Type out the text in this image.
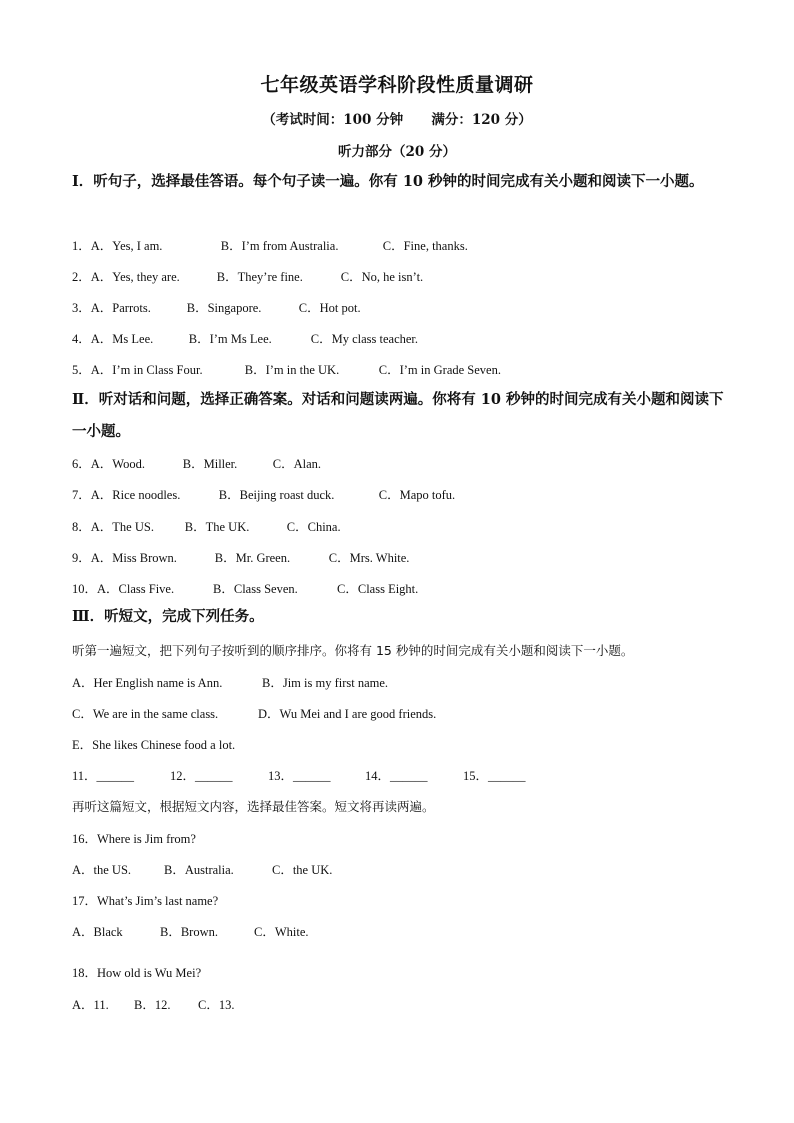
七年级英语学科阶段性质量调研
（考试时间：100 分钟      满分：120 分）
听力部分（20 分）
Ⅰ．听句子，选择最佳答语。每个句子读一遍。你有 10 秒钟的时间完成有关小题和阅读下一小题。
1．A．Yes, I am.	B．I’m from Australia.	C．Fine, thanks.
2．A．Yes, they are.	B．They’re fine.	C．No, he isn’t.
3．A．Parrots.	B．Singapore.	C．Hot pot.
4．A．Ms Lee.	B．I’m Ms Lee.	C．My class teacher.
5．A．I’m in Class Four.	B．I’m in the UK.	C．I’m in Grade Seven.
Ⅱ．听对话和问题，选择正确答案。对话和问题读两遍。你将有 10 秒钟的时间完成有关小题和阅读下一小题。
6．A．Wood.	B．Miller.	C．Alan.
7．A．Rice noodles.	B．Beijing roast duck.	C．Mapo tofu.
8．A．The US. B．The UK.	C．China.
9．A．Miss Brown.	B．Mr. Green.	C．Mrs. White.
10．A．Class Five.	B．Class Seven.	C．Class Eight.
Ⅲ．听短文，完成下列任务。
听第一遍短文，把下列句子按听到的顺序排序。你将有 15 秒钟的时间完成有关小题和阅读下一小题。
A．Her English name is Ann.	B．Jim is my first name.
C．We are in the same class.	D．Wu Mei and I are good friends.
E．She likes Chinese food a lot.
11．______	12．______	13．______	14．______	15．______
再听这篇短文，根据短文内容，选择最佳答案。短文将再读两遍。
16．Where is Jim from?
A．the US.	B．Australia.	C．the UK.
17．What’s Jim’s last name?
A．Black	B．Brown.	C．White.
18．How old is Wu Mei?
A．11. B．12. C．13.
